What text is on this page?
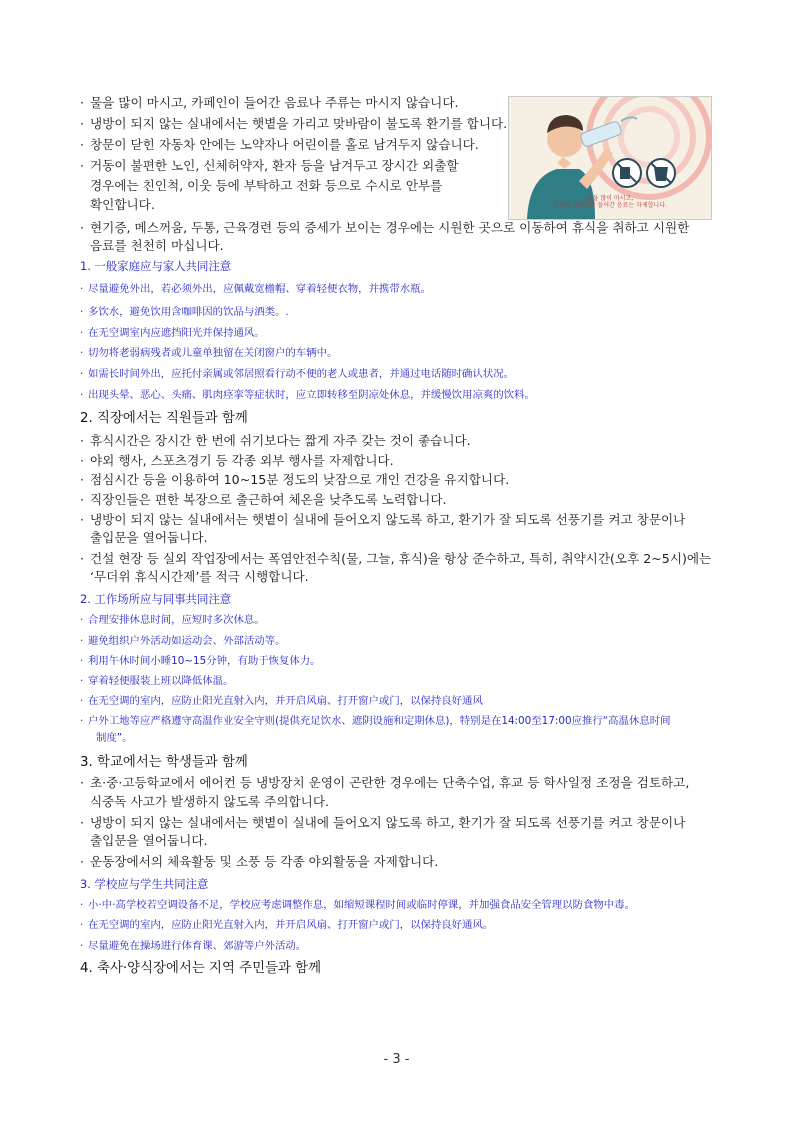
· 물을 많이 마시고, 카페인이 들어간 음료나 주류는 마시지 않습니다.
· 냉방이 되지 않는 실내에서는 햇볕을 가리고 맞바람이 불도록 환기를 합니다.
· 창문이 닫힌 자동차 안에는 노약자나 어린이를 홀로 남겨두지 않습니다.
· 거동이 불편한 노인, 신체허약자, 환자 등을 남겨두고 장시간 외출할
경우에는 친인척, 이웃 등에 부탁하고 전화 등으로 수시로 안부를
확인합니다.
· 현기증, 메스꺼움, 두통, 근육경련 등의 증세가 보이는 경우에는 시원한 곳으로 이동하여 휴식을 취하고 시원한
음료를 천천히 마십니다.
물을 많이 마시고,
주류와 카페인이 들어간 음료는 자제합니다.
1. 一般家庭应与家人共同注意
· 尽量避免外出，若必须外出，应佩戴宽檐帽、穿着轻便衣物，并携带水瓶。
· 多饮水，避免饮用含咖啡因的饮品与酒类。.
· 在无空调室内应遮挡阳光并保持通风。
· 切勿将老弱病残者或儿童单独留在关闭窗户的车辆中。
· 如需长时间外出，应托付亲属或邻居照看行动不便的老人或患者，并通过电话随时确认状况。
· 出现头晕、恶心、头痛、肌肉痉挛等症状时，应立即转移至阴凉处休息，并缓慢饮用凉爽的饮料。
2. 직장에서는 직원들과 함께
· 휴식시간은 장시간 한 번에 쉬기보다는 짧게 자주 갖는 것이 좋습니다.
· 야외 행사, 스포츠경기 등 각종 외부 행사를 자제합니다.
· 점심시간 등을 이용하여 10~15분 정도의 낮잠으로 개인 건강을 유지합니다.
· 직장인들은 편한 복장으로 출근하여 체온을 낮추도록 노력합니다.
· 냉방이 되지 않는 실내에서는 햇볕이 실내에 들어오지 않도록 하고, 환기가 잘 되도록 선풍기를 켜고 창문이나
출입문을 열어둡니다.
· 건설 현장 등 실외 작업장에서는 폭염안전수칙(물, 그늘, 휴식)을 항상 준수하고, 특히, 취약시간(오후 2~5시)에는
‘무더위 휴식시간제’를 적극 시행합니다.
2. 工作场所应与同事共同注意
· 合理安排休息时间，应短时多次休息。
· 避免组织户外活动如运动会、外部活动等。
· 利用午休时间小睡10~15分钟，有助于恢复体力。
· 穿着轻便服装上班以降低体温。
· 在无空调的室内，应防止阳光直射入内，并开启风扇、打开窗户或门，以保持良好通风
· 户外工地等应严格遵守高温作业安全守则(提供充足饮水、遮阴设施和定期休息)，特别是在14:00至17:00应推行“高温休息时间
制度”。
3. 학교에서는 학생들과 함께
· 초·중·고등학교에서 에어컨 등 냉방장치 운영이 곤란한 경우에는 단축수업, 휴교 등 학사일정 조정을 검토하고,
식중독 사고가 발생하지 않도록 주의합니다.
· 냉방이 되지 않는 실내에서는 햇볕이 실내에 들어오지 않도록 하고, 환기가 잘 되도록 선풍기를 켜고 창문이나
출입문을 열어둡니다.
· 운동장에서의 체육활동 및 소풍 등 각종 야외활동을 자제합니다.
3. 学校应与学生共同注意
· 小·中·高学校若空调设备不足，学校应考虑调整作息，如缩短课程时间或临时停课，并加强食品安全管理以防食物中毒。
· 在无空调的室内，应防止阳光直射入内，并开启风扇、打开窗户或门，以保持良好通风。
· 尽量避免在操场进行体育课、郊游等户外活动。
4. 축사·양식장에서는 지역 주민들과 함께
- 3 -
